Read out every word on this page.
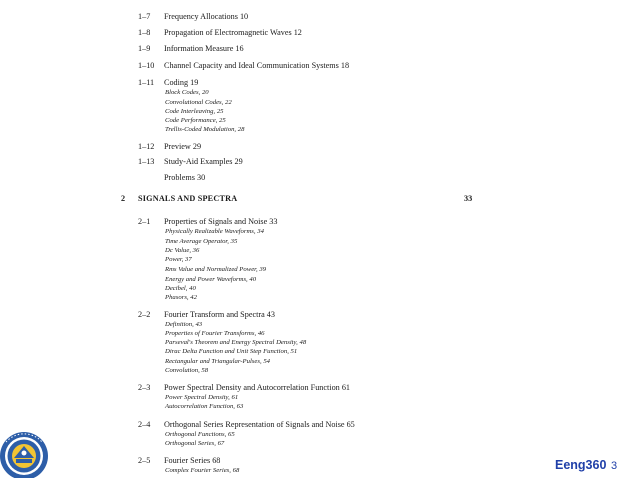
1–7 Frequency Allocations 10
1–8 Propagation of Electromagnetic Waves 12
1–9 Information Measure 16
1–10 Channel Capacity and Ideal Communication Systems 18
1–11 Coding 19
Block Codes, 20
Convolutional Codes, 22
Code Interleaving, 25
Code Performance, 25
Trellis-Coded Modulation, 28
1–12 Preview 29
1–13 Study-Aid Examples 29
Problems 30
2 SIGNALS AND SPECTRA	33
2–1 Properties of Signals and Noise 33
Physically Realizable Waveforms, 34
Time Average Operator, 35
Dc Value, 36
Power, 37
Rms Value and Normalized Power, 39
Energy and Power Waveforms, 40
Decibel, 40
Phasors, 42
2–2 Fourier Transform and Spectra 43
Definition, 43
Properties of Fourier Transforms, 46
Parseval's Theorem and Energy Spectral Density, 48
Dirac Delta Function and Unit Step Function, 51
Rectangular and Triangular-Pulses, 54
Convolution, 58
2–3 Power Spectral Density and Autocorrelation Function 61
Power Spectral Density, 61
Autocorrelation Function, 63
2–4 Orthogonal Series Representation of Signals and Noise 65
Orthogonal Functions, 65
Orthogonal Series, 67
2–5 Fourier Series 68
Complex Fourier Series, 68	Eeng360 3
